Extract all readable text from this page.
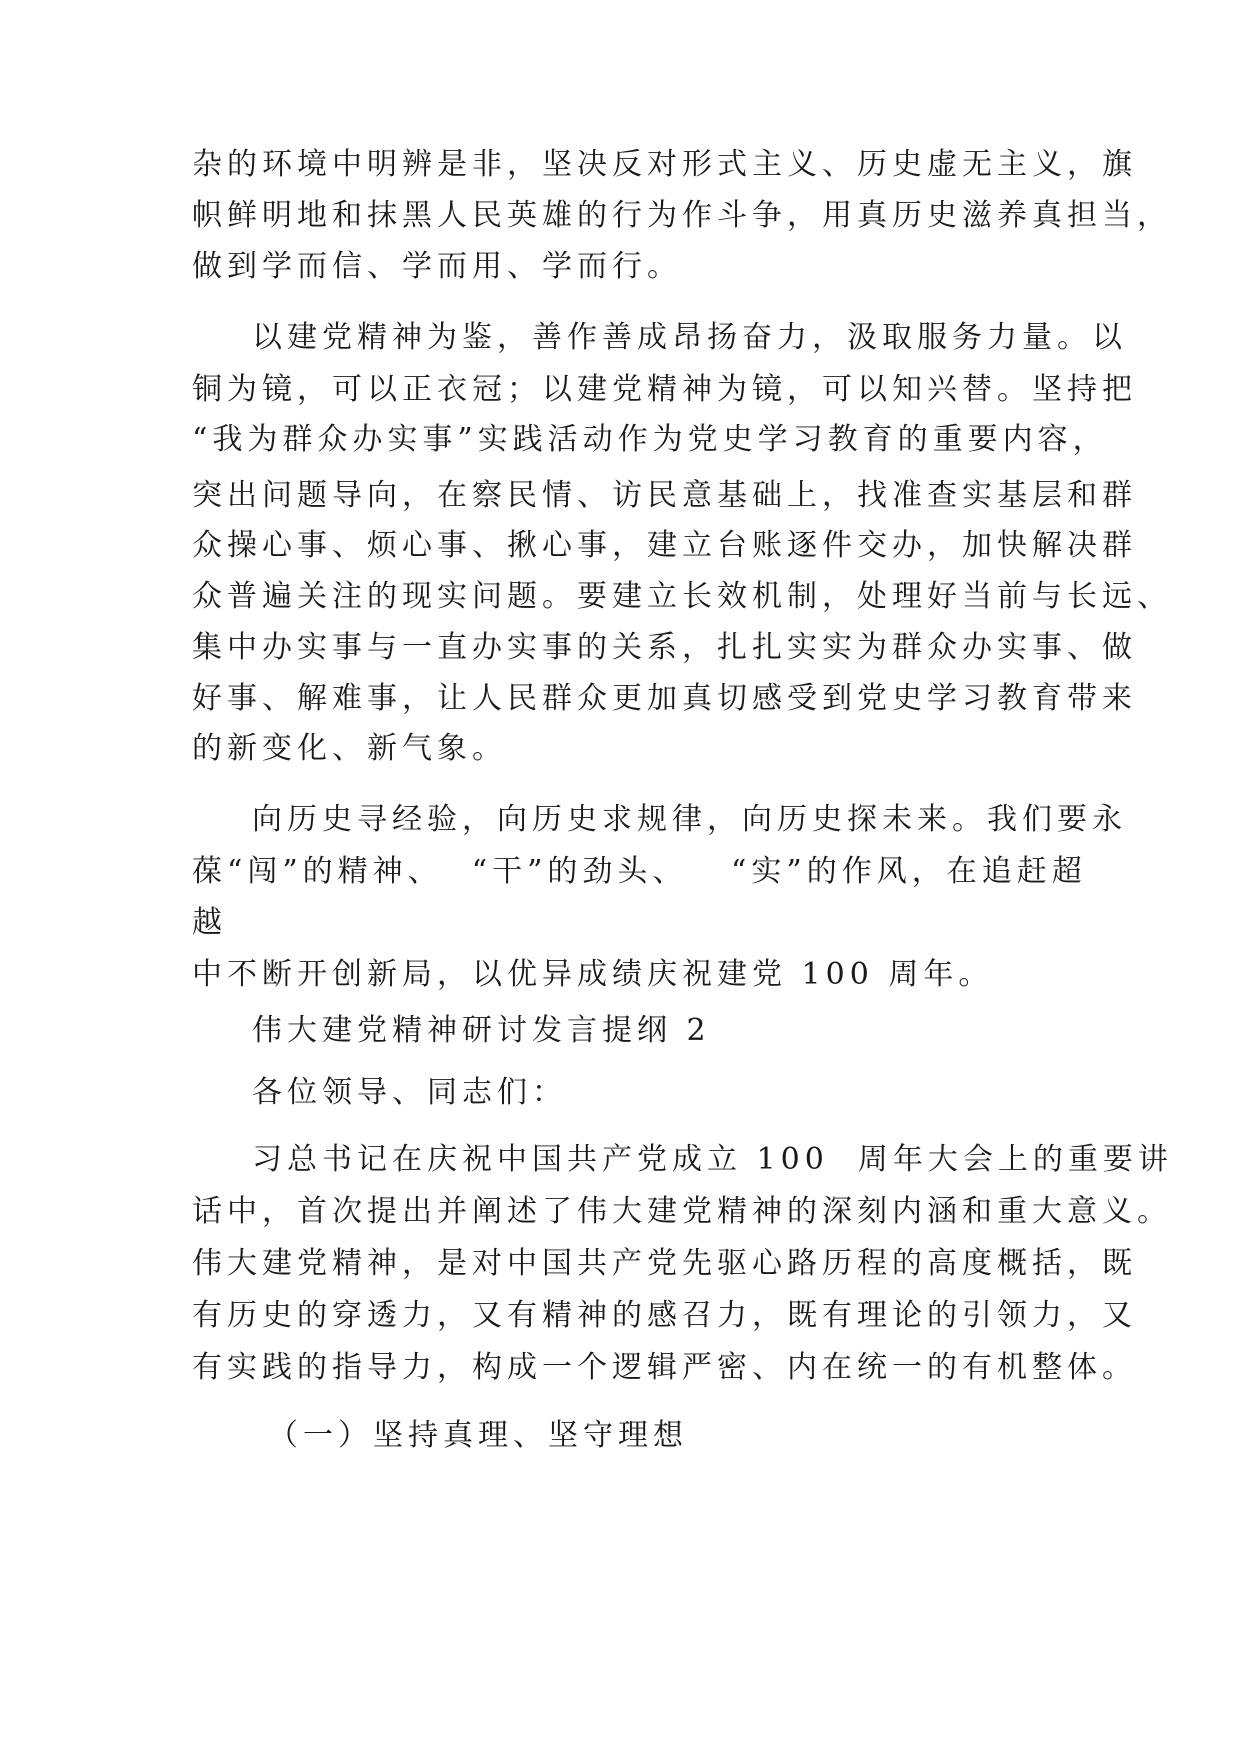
杂的环境中明辨是非，坚决反对形式主义、历史虚无主义，旗
帜鲜明地和抹黑人民英雄的行为作斗争，用真历史滋养真担当，
做到学而信、学而用、学而行。
以建党精神为鉴，善作善成昂扬奋力，汲取服务力量。以
铜为镜，可以正衣冠；以建党精神为镜，可以知兴替。坚持把
“我为群众办实事”实践活动作为党史学习教育的重要内容，
突出问题导向，在察民情、访民意基础上，找准查实基层和群
众操心事、烦心事、揪心事，建立台账逐件交办，加快解决群
众普遍关注的现实问题。要建立长效机制，处理好当前与长远、
集中办实事与一直办实事的关系，扎扎实实为群众办实事、做
好事、解难事，让人民群众更加真切感受到党史学习教育带来
的新变化、新气象。
向历史寻经验，向历史求规律，向历史探未来。我们要永
葆“闯”的精神、  “干”的劲头、   “实”的作风，在追赶超
越
中不断开创新局，以优异成绩庆祝建党 100 周年。
伟大建党精神研讨发言提纲 2
各位领导、同志们：
习总书记在庆祝中国共产党成立 100  周年大会上的重要讲
话中，首次提出并阐述了伟大建党精神的深刻内涵和重大意义。
伟大建党精神，是对中国共产党先驱心路历程的高度概括，既
有历史的穿透力，又有精神的感召力，既有理论的引领力，又
有实践的指导力，构成一个逻辑严密、内在统一的有机整体。
（一）坚持真理、坚守理想
